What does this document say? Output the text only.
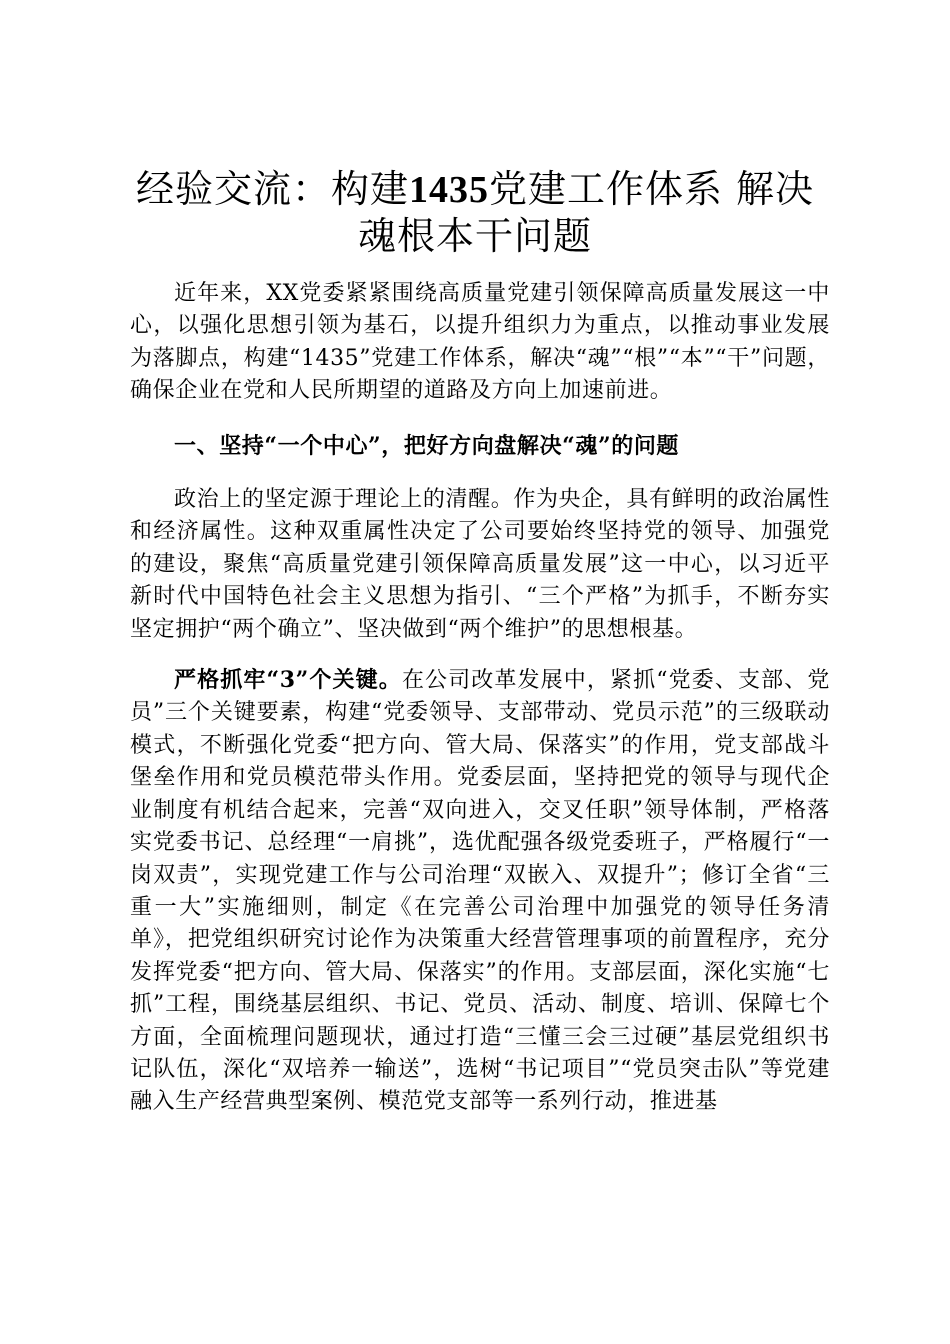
经验交流：构建1435党建工作体系 解决魂根本干问题

近年来，XX党委紧紧围绕高质量党建引领保障高质量发展这一中心，以强化思想引领为基石，以提升组织力为重点，以推动事业发展为落脚点，构建“1435”党建工作体系，解决“魂”“根”“本”“干”问题，确保企业在党和人民所期望的道路及方向上加速前进。

一、坚持“一个中心”，把好方向盘解决“魂”的问题

政治上的坚定源于理论上的清醒。作为央企，具有鲜明的政治属性和经济属性。这种双重属性决定了公司要始终坚持党的领导、加强党的建设，聚焦“高质量党建引领保障高质量发展”这一中心，以习近平新时代中国特色社会主义思想为指引、“三个严格”为抓手，不断夯实坚定拥护“两个确立”、坚决做到“两个维护”的思想根基。

严格抓牢“3”个关键。在公司改革发展中，紧抓“党委、支部、党员”三个关键要素，构建“党委领导、支部带动、党员示范”的三级联动模式，不断强化党委“把方向、管大局、保落实”的作用，党支部战斗堡垒作用和党员模范带头作用。党委层面，坚持把党的领导与现代企业制度有机结合起来，完善“双向进入，交叉任职”领导体制，严格落实党委书记、总经理“一肩挑”，选优配强各级党委班子，严格履行“一岗双责”，实现党建工作与公司治理“双嵌入、双提升”；修订全省“三重一大”实施细则，制定《在完善公司治理中加强党的领导任务清单》，把党组织研究讨论作为决策重大经营管理事项的前置程序，充分发挥党委“把方向、管大局、保落实”的作用。支部层面，深化实施“七抓”工程，围绕基层组织、书记、党员、活动、制度、培训、保障七个方面，全面梳理问题现状，通过打造“三懂三会三过硬”基层党组织书记队伍，深化“双培养一输送”，选树“书记项目”“党员突击队”等党建融入生产经营典型案例、模范党支部等一系列行动，推进基
